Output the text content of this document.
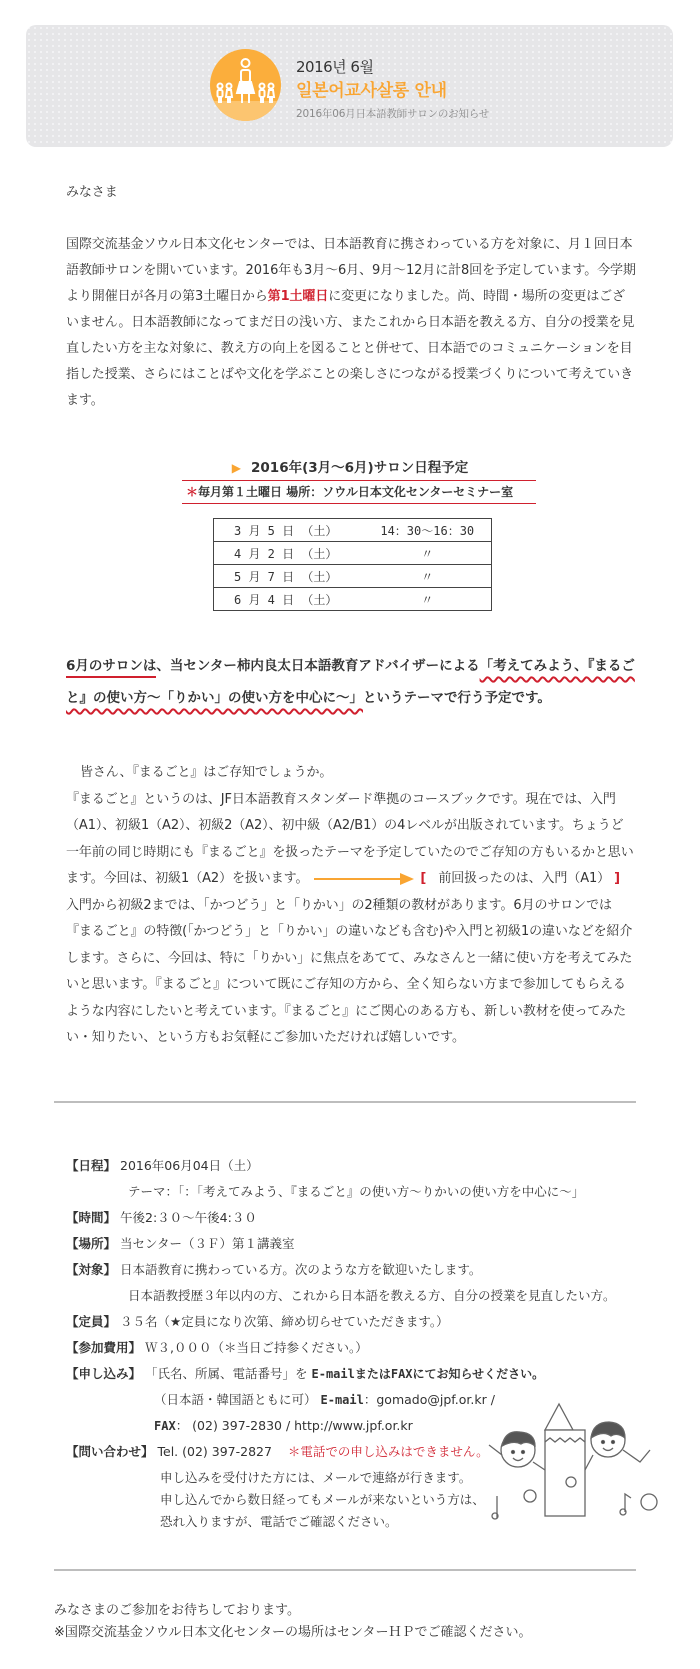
2016년 6월
일본어교사살롱 안내
2016年06月日本語教師サロンのお知らせ
みなさま
国際交流基金ソウル日本文化センターでは、日本語教育に携さわっている方を対象に、月１回日本語教師サロンを開いています。2016年も3月～6月、9月～12月に計8回を予定しています。今学期より開催日が各月の第3土曜日から第1土曜日に変更になりました。尚、時間・場所の変更はございません。日本語教師になってまだ日の浅い方、またこれから日本語を教える方、自分の授業を見直したい方を主な対象に、教え方の向上を図ることと併せて、日本語でのコミュニケーションを目指した授業、さらにはことばや文化を学ぶことの楽しさにつながる授業づくりについて考えていきます。
▶ 2016年(3月～6月)サロン日程予定
＊毎月第１土曜日 場所：ソウル日本文化センターセミナー室
3 月 5 日 （土）	14：30～16：30
4 月 2 日 （土）	〃
5 月 7 日 （土）	〃
6 月 4 日 （土）	〃
6月のサロンは、当センター柿内良太日本語教育アドバイザーによる「考えてみよう、『まるごと』の使い方～「りかい」の使い方を中心に～」というテーマで行う予定です。
皆さん、『まるごと』はご存知でしょうか。
『まるごと』というのは、JF日本語教育スタンダード準拠のコースブックです。現在では、入門（A1）、初級1（A2）、初級2（A2）、初中級（A2/B1）の4レベルが出版されています。ちょうど一年前の同じ時期にも『まるごと』を扱ったテーマを予定していたのでご存知の方もいるかと思います。今回は、初級1（A2）を扱います。	[ 前回扱ったのは、入門（A1） ]
入門から初級2までは、「かつどう」と「りかい」の2種類の教材があります。6月のサロンでは『まるごと』の特徴(「かつどう」と「りかい」の違いなども含む)や入門と初級1の違いなどを紹介します。さらに、今回は、特に「りかい」に焦点をあてて、みなさんと一緒に使い方を考えてみたいと思います。『まるごと』について既にご存知の方から、全く知らない方まで参加してもらえるような内容にしたいと考えています。『まるごと』にご関心のある方も、新しい教材を使ってみたい・知りたい、という方もお気軽にご参加いただければ嬉しいです。
【日程】 2016年06月04日（土）
テーマ：「：「考えてみよう、『まるごと』の使い方～りかいの使い方を中心に～」
【時間】 午後2:３０～午後4:３０
【場所】 当センター（３Ｆ）第１講義室
【対象】 日本語教育に携わっている方。次のような方を歓迎いたします。
日本語教授歴３年以内の方、これから日本語を教える方、自分の授業を見直したい方。
【定員】 ３５名（★定員になり次第、締め切らせていただきます。）
【参加費用】 Ｗ３,０００（＊当日ご持参ください。）
【申し込み】 「氏名、所属、電話番号」を E-mailまたはFAXにてお知らせください。
（日本語・韓国語ともに可） E-mail：gomado@jpf.or.kr /
FAX： (02) 397-2830 / http://www.jpf.or.kr
【問い合わせ】 Tel. (02) 397-2827 ＊電話での申し込みはできません。
申し込みを受付けた方には、メールで連絡が行きます。
申し込んでから数日経ってもメールが来ないという方は、
恐れ入りますが、電話でご確認ください。
みなさまのご参加をお待ちしております。
※国際交流基金ソウル日本文化センターの場所はセンターＨＰでご確認ください。
